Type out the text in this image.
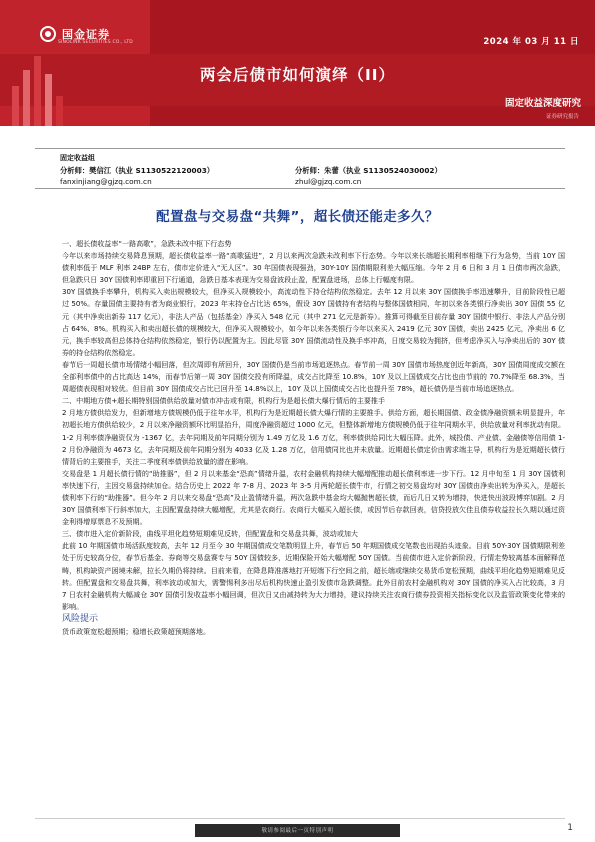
国金证券
SINOLINK SECURITIES CO., LTD	2024 年 03 月 11 日
两会后债市如何演绎（II）
固定收益深度研究
证券研究报告
固定收益组
分析师：樊信江（执业 S1130522120003）	分析师：朱蕾（执业 S1130524030002）
fanxinjiang@gjzq.com.cn	zhul@gjzq.com.cn
配置盘与交易盘“共舞”，超长债还能走多久？

一、超长债收益率“一路高歌”，急跌未改中枢下行态势

今年以来市场持续交易降息预期，超长债收益率一路“高歌猛进”，2 月以来两次急跌未改利率下行态势。今年以来长端超长期利率相继下行为急势，当前 10Y 国债利率低于 MLF 利率 24BP 左右，债市定价进入“无人区”。30 年国债表现强劲，30Y-10Y 国债期限利差大幅压缩。今年 2 月 6 日和 3 月 1 日债市两次急跌，但急跌只日 30Y 国债利率即重回下行通道，急跌日基本表现为交易盘波段止盈，配置盘进场，总体上行幅度有限。

30Y 国债换手率攀升，机构买入卖出规模较大，但净买入规模较小，高流动性下持仓结构依然稳定。去年 12 月以来 30Y 国债换手率迅速攀升，目前阶段性已超过 50%。存量国债主要持有者为商业银行，2023 年末持仓占比达 65%，假设 30Y 国债持有者结构与整体国债相同，年初以来各类银行净卖出 30Y 国债 55 亿元（其中净卖出新券 117 亿元），非法人产品（包括基金）净买入 548 亿元（其中 271 亿元是新券）。推算可得截至目前存量 30Y 国债中银行、非法人产品分别占 64%、8%。机构买入和卖出超长债的规模较大，但净买入规模较小，如今年以来各类银行今年以来买入 2419 亿元 30Y 国债，卖出 2425 亿元，净卖出 6 亿元，换手率较高但总体持仓结构依然稳定，银行仍以配置为主。因此尽管 30Y 国债流动性及换手率冲高，日度交易较为拥挤，但考虑净买入与净卖出后的 30Y 债券的持仓结构依然稳定。

春节后一周超长债市场情绪小幅回落，但次周即有所回升，30Y 国债仍是当前市场追逐热点。春节前一周 30Y 国债市场热度创近年新高，30Y 国债周度成交额在全部利率债中的占比高达 14%，而春节后第一周 30Y 国债交投有所降温，成交占比降至 10.8%，10Y 及以上国债成交占比也由节前的 70.7%降至 68.3%，当周超债表现相对较优。但目前 30Y 国债成交占比已回升至 14.8%以上，10Y 及以上国债成交占比也提升至 78%，超长债仍是当前市场追逐热点。

二、中期地方债+超长期特别国债供给放量对债市冲击或有限，机构行为是超长债大爆行情后的主要推手

2 月地方债供给发力，但新增地方债规模仍低于往年水平，机构行为是近期超长债大爆行情的主要推手。供给方面，超长期国债、政金债净融资额未明显提升，年初超长地方债供给较少，2 月以来净融资额环比明显抬升，周度净融资超过 1000 亿元，但整体新增地方债规模仍低于往年同期水平，供给放量对利率扰动有限。1-2 月利率债净融资仅为 -1367 亿，去年同期及前年同期分别为 1.49 万亿及 1.6 万亿，利率债供给同比大幅压降。此外，城投债、产业债、金融债等信用债 1-2 月份净融资为 4673 亿，去年同期及前年同期分别为 4033 亿及 1.28 万亿，信用债同比也并未放量。近期超长债定价由需求端主导，机构行为是近期超长债行情背后的主要推手，关注二季度利率债供给放量的潜在影响。

交易盘是 1 月超长债行情的“助推器”，但 2 月以来基金“恐高”情绪升温，农村金融机构持续大幅增配推动超长债利率进一步下行。12 月中旬至 1 月 30Y 国债利率快速下行，主因交易盘持续加仓。结合历史上 2022 年 7-8 月、2023 年 3-5 月两轮超长债牛市，行情之初交易盘均对 30Y 国债由净卖出转为净买入，是超长债利率下行的“助推器”。但今年 2 月以来交易盘“恐高”及止盈情绪升温，两次急跌中基金均大幅抛售超长债，而后几日又转为增持，快进快出波段博弈加剧。2 月 30Y 国债利率下行斜率加大，主因配置盘持续大幅增配，尤其是农商行。农商行大幅买入超长债，或因节后存款回表，信贷投放欠佳且债券收益拉长久期以通过资金利得增厚票息不及预期。

三、债市进入定价新阶段，曲线平坦化趋势短期难见反转，但配置盘和交易盘共舞，波动或加大

此前 10 年期国债市场活跃度较高，去年 12 月至今 30 年期国债成交笔数明显上升，春节后 50 年期国债成交笔数也出现抬头迹象。目前 50Y-30Y 国债期限利差处于历史较高分位，春节后基金、券商等交易盘赛专与 50Y 国债较多，近期保险开始大幅增配 50Y 国债。当前债市进入定价新阶段，行情走势较离基本面解释范畴，机构缺资产困境未解，拉长久期仍将持续。目前来看，在降息降准落地打开短端下行空间之前，超长端或继续交易货币宽松预期，曲线平坦化趋势短期难见反转。但配置盘和交易盘共舞，利率波动或加大，需警惕利多出尽后机构快速止盈引发债市急跌调整。此外目前农村金融机构对 30Y 国债的净买入占比较高，3 月 7 日农村金融机构大幅减仓 30Y 国债引发收益率小幅回调，但次日又由减持转为大力增持，建议持续关注农商行债券投资相关指标变化以及监管政策变化带来的影响。

风险提示

货币政策宽松超预期；稳增长政策超预期落地。

敬请参阅最后一页特别声明	1
